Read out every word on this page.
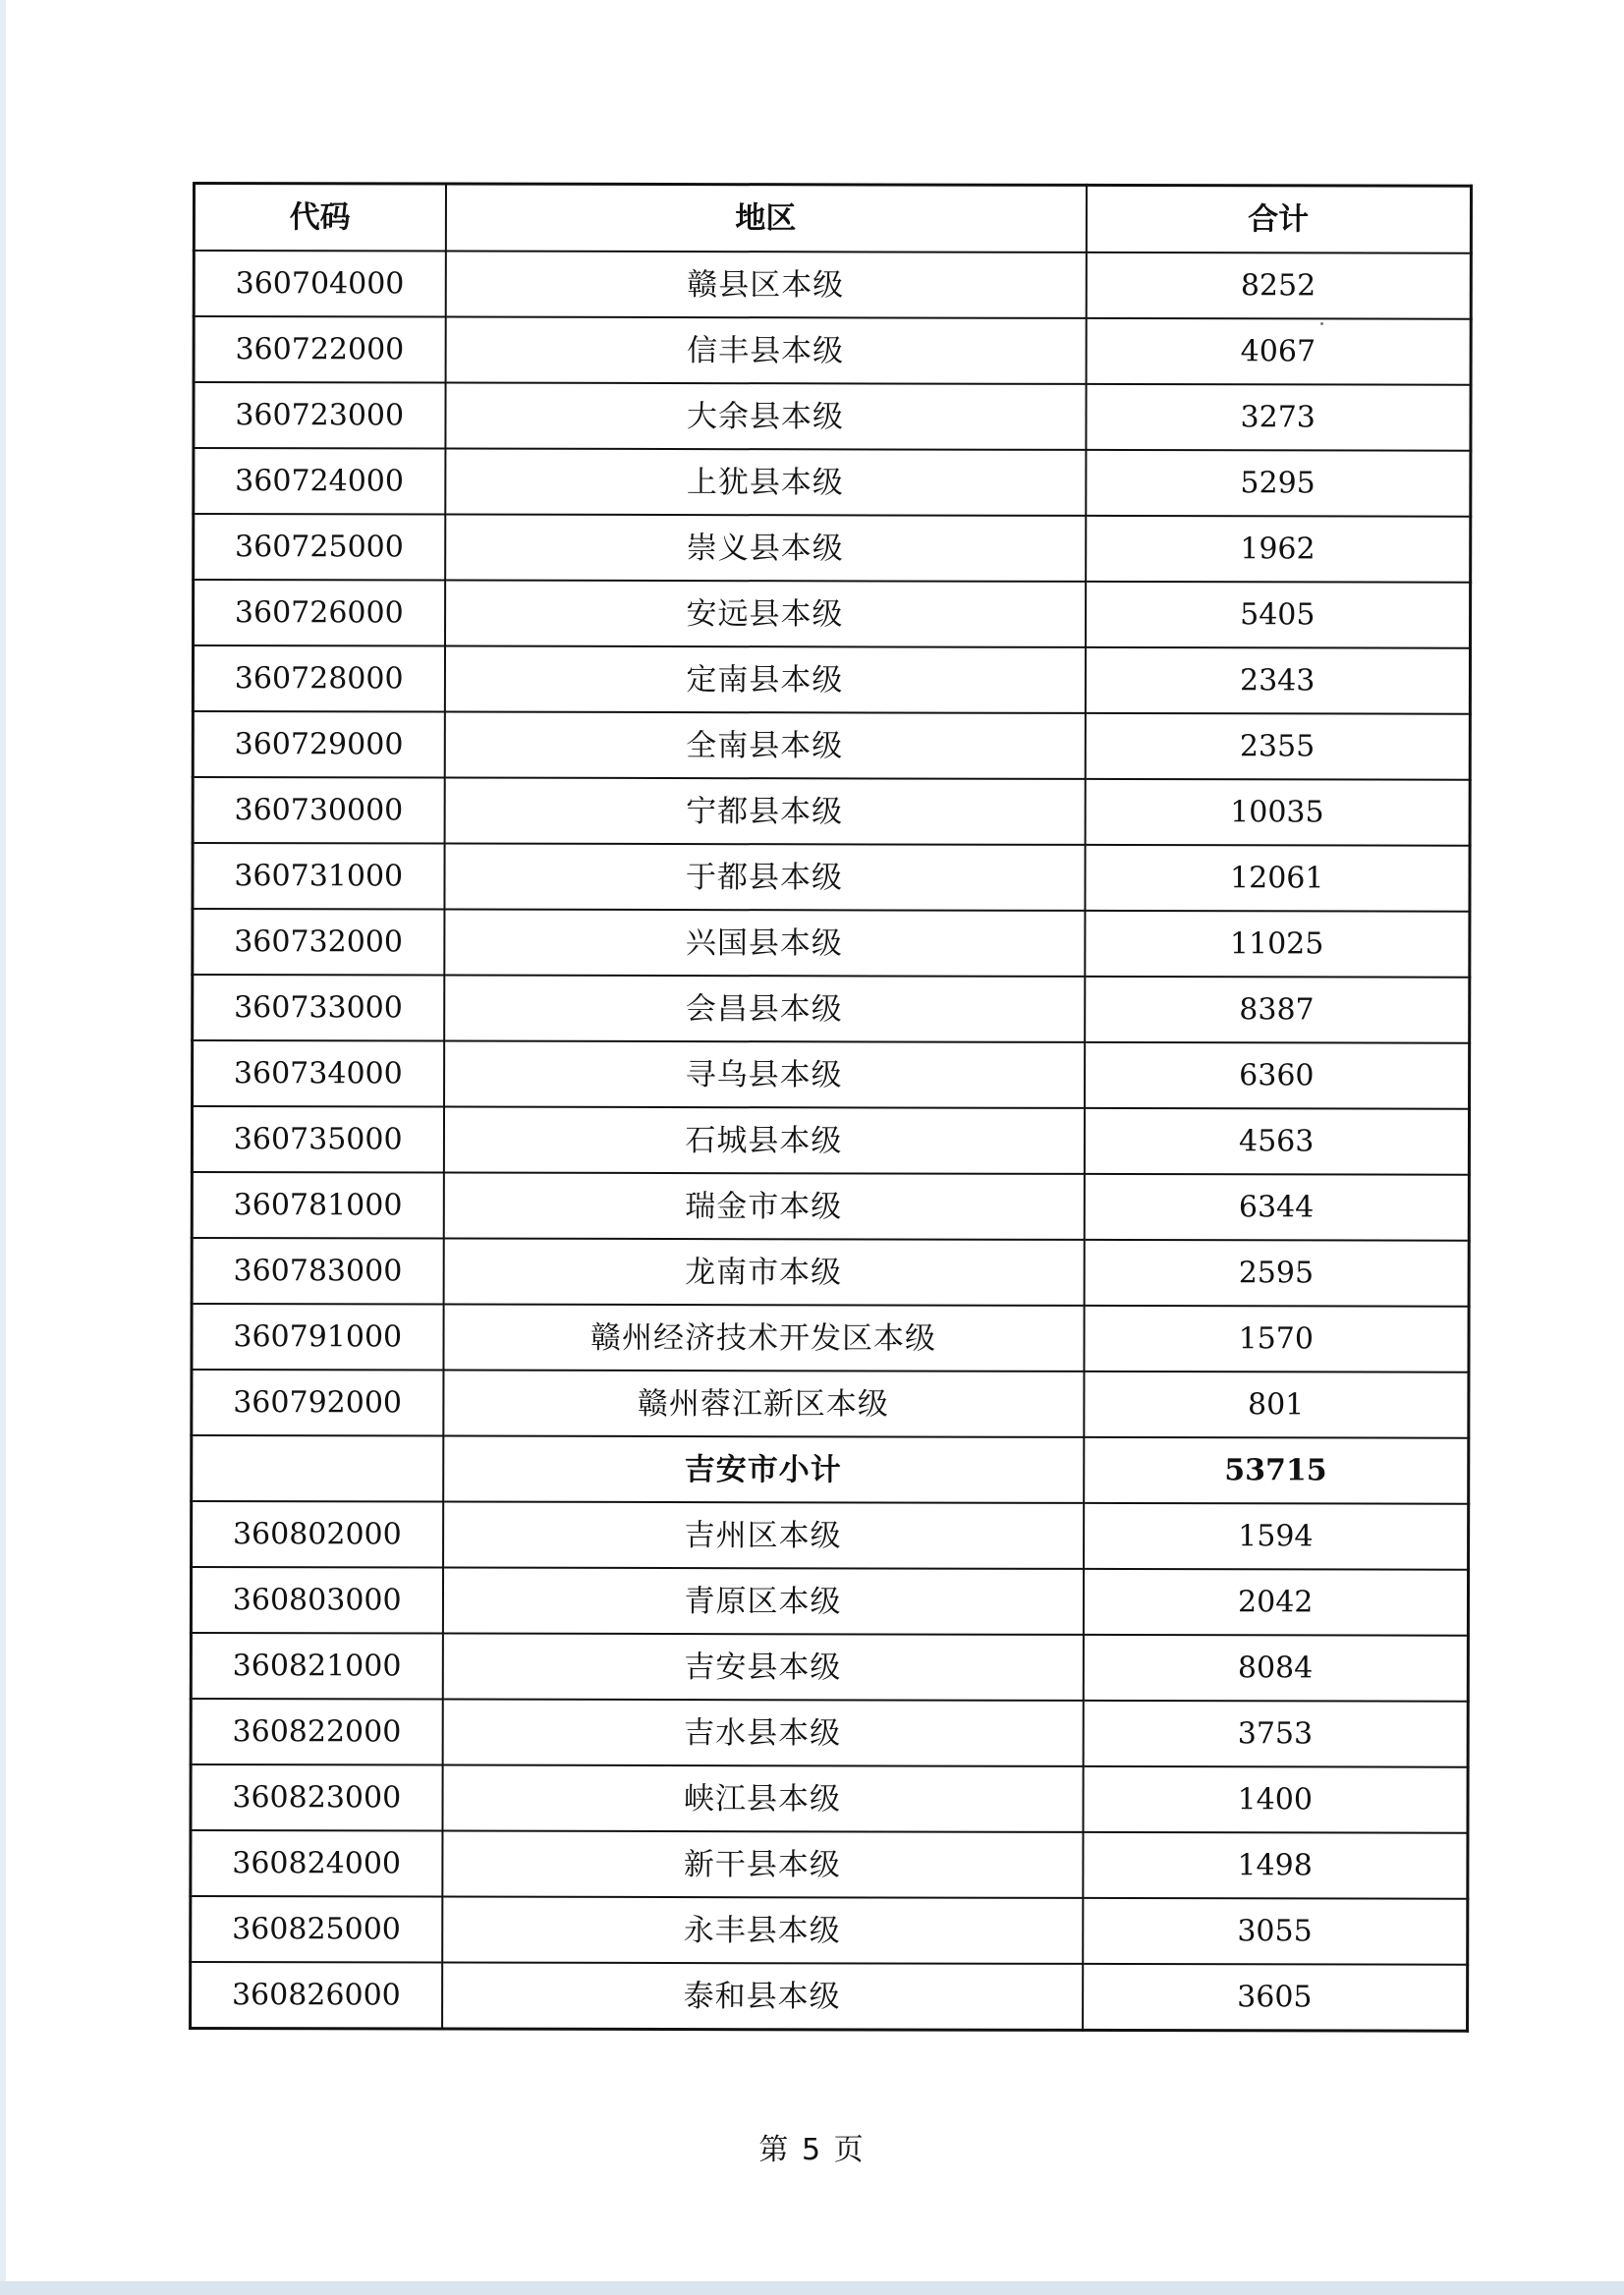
代码	地区	合计
360704000	赣县区本级	8252
360722000	信丰县本级	4067
360723000	大余县本级	3273
360724000	上犹县本级	5295
360725000	崇义县本级	1962
360726000	安远县本级	5405
360728000	定南县本级	2343
360729000	全南县本级	2355
360730000	宁都县本级	10035
360731000	于都县本级	12061
360732000	兴国县本级	11025
360733000	会昌县本级	8387
360734000	寻乌县本级	6360
360735000	石城县本级	4563
360781000	瑞金市本级	6344
360783000	龙南市本级	2595
360791000	赣州经济技术开发区本级	1570
360792000	赣州蓉江新区本级	801
	吉安市小计	53715
360802000	吉州区本级	1594
360803000	青原区本级	2042
360821000	吉安县本级	8084
360822000	吉水县本级	3753
360823000	峡江县本级	1400
360824000	新干县本级	1498
360825000	永丰县本级	3055
360826000	泰和县本级	3605
第 5 页
